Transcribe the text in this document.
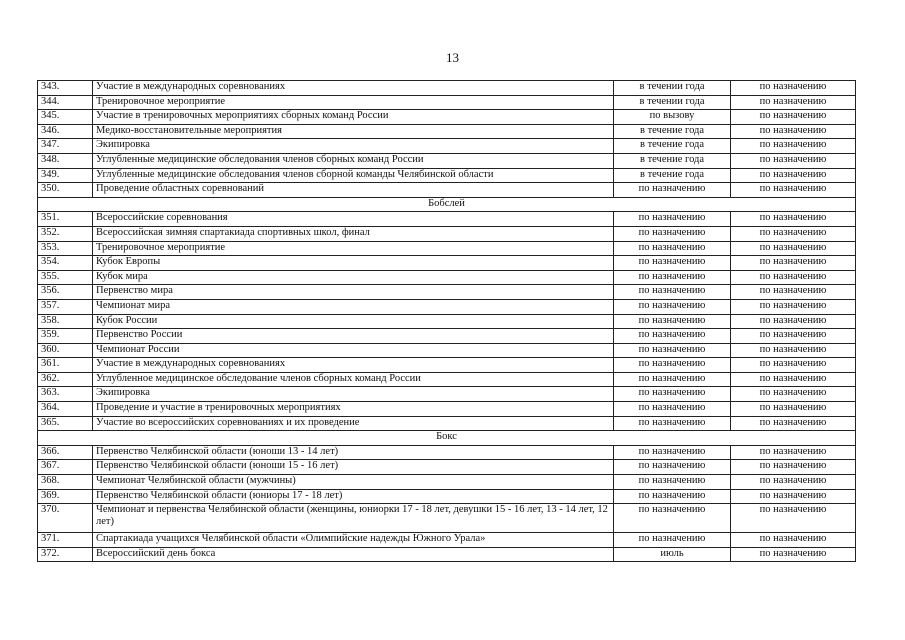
13
343.	Участие в международных соревнованиях	в течении года	по назначению
344.	Тренировочное мероприятие	в течении года	по назначению
345.	Участие в тренировочных мероприятиях сборных команд России	по вызову	по назначению
346.	Медико-восстановительные мероприятия	в течение года	по назначению
347.	Экипировка	в течение года	по назначению
348.	Углубленные медицинские обследования членов сборных команд России	в течение года	по назначению
349.	Углубленные медицинские обследования членов сборной команды Челябинской области	в течение года	по назначению
350.	Проведение областных соревнований	по назначению	по назначению
Бобслей			
351.	Всероссийские соревнования	по назначению	по назначению
352.	Всероссийская зимняя спартакиада спортивных школ, финал	по назначению	по назначению
353.	Тренировочное мероприятие	по назначению	по назначению
354.	Кубок Европы	по назначению	по назначению
355.	Кубок мира	по назначению	по назначению
356.	Первенство мира	по назначению	по назначению
357.	Чемпионат мира	по назначению	по назначению
358.	Кубок России	по назначению	по назначению
359.	Первенство России	по назначению	по назначению
360.	Чемпионат России	по назначению	по назначению
361.	Участие в международных соревнованиях	по назначению	по назначению
362.	Углубленное медицинское обследование членов сборных команд России	по назначению	по назначению
363.	Экипировка	по назначению	по назначению
364.	Проведение и участие в тренировочных мероприятиях	по назначению	по назначению
365.	Участие во всероссийских соревнованиях и их проведение	по назначению	по назначению
Бокс			
366.	Первенство Челябинской области (юноши 13 - 14 лет)	по назначению	по назначению
367.	Первенство Челябинской области (юноши 15 - 16 лет)	по назначению	по назначению
368.	Чемпионат Челябинской области (мужчины)	по назначению	по назначению
369.	Первенство Челябинской области (юниоры 17 - 18 лет)	по назначению	по назначению
370.	Чемпионат и первенства Челябинской области (женщины, юниорки 17 - 18 лет, девушки 15 - 16 лет, 13 - 14 лет, 12 лет)	по назначению	по назначению
371.	Спартакиада учащихся Челябинской области «Олимпийские надежды Южного Урала»	по назначению	по назначению
372.	Всероссийский день бокса	июль	по назначению
